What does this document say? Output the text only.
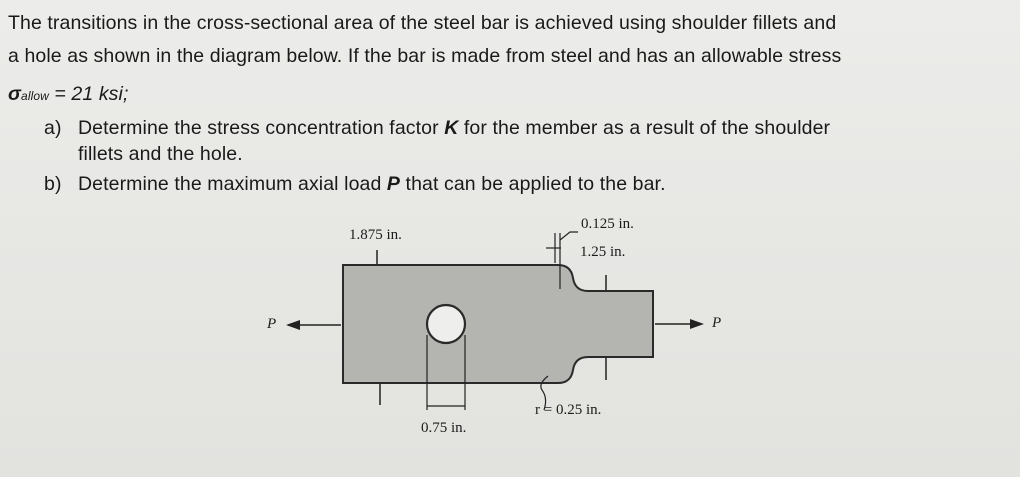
The transitions in the cross-sectional area of the steel bar is achieved using shoulder fillets and
a hole as shown in the diagram below. If the bar is made from steel and has an allowable stress
σallow = 21 ksi;
a) Determine the stress concentration factor K for the member as a result of the shoulder
fillets and the hole.
b) Determine the maximum axial load P that can be applied to the bar.
1.875 in.
0.125 in.
1.25 in.
P	P
0.75 in.
r = 0.25 in.
